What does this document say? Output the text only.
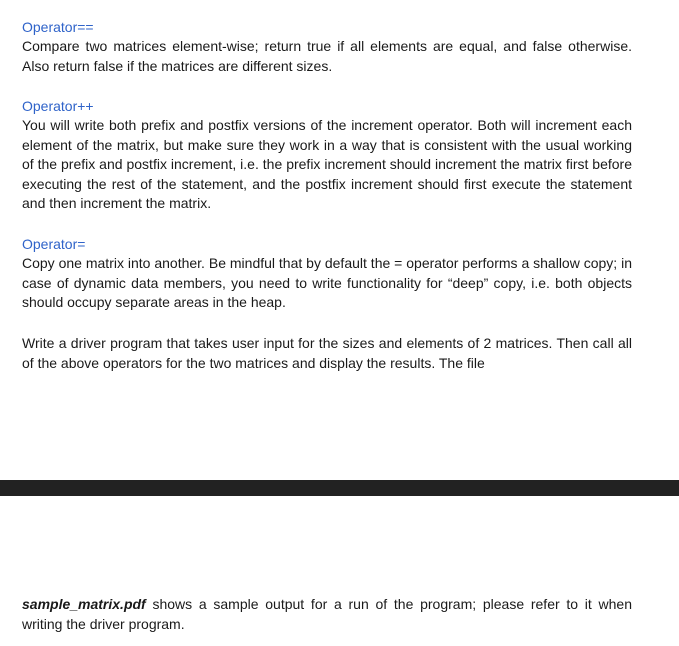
Operator==
Compare two matrices element-wise; return true if all elements are equal, and false otherwise. Also return false if the matrices are different sizes.
Operator++
You will write both prefix and postfix versions of the increment operator. Both will increment each element of the matrix, but make sure they work in a way that is consistent with the usual working of the prefix and postfix increment, i.e. the prefix increment should increment the matrix first before executing the rest of the statement, and the postfix increment should first execute the statement and then increment the matrix.
Operator=
Copy one matrix into another. Be mindful that by default the = operator performs a shallow copy; in case of dynamic data members, you need to write functionality for “deep” copy, i.e. both objects should occupy separate areas in the heap.
Write a driver program that takes user input for the sizes and elements of 2 matrices. Then call all of the above operators for the two matrices and display the results. The file
sample_matrix.pdf shows a sample output for a run of the program; please refer to it when writing the driver program.
